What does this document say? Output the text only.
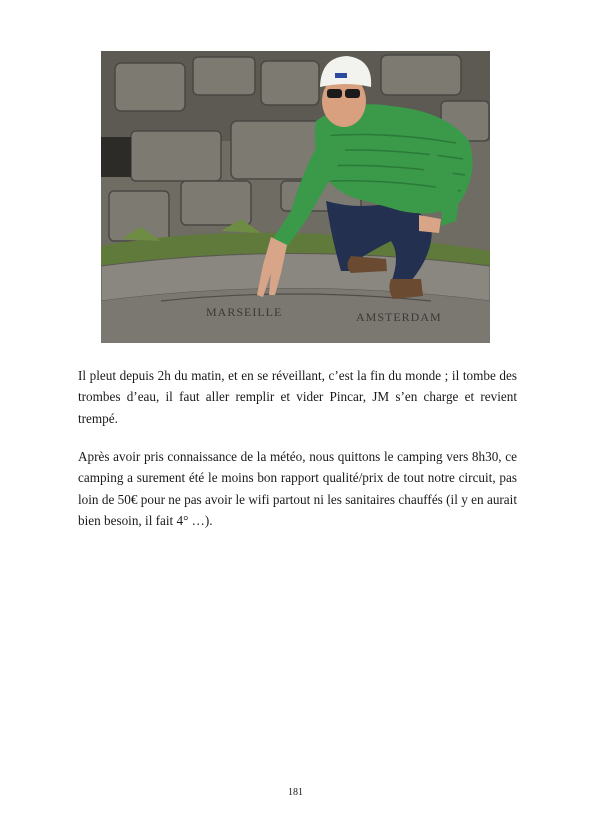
MARSEILLE	AMSTERDAM

Il pleut depuis 2h du matin, et en se réveillant, c’est la fin du monde ; il tombe des trombes d’eau, il faut aller remplir et vider Pincar, JM s’en charge et revient trempé.

Après avoir pris connaissance de la météo, nous quittons le camping vers 8h30, ce camping a surement été le moins bon rapport qualité/prix de tout notre circuit, pas loin de 50€ pour ne pas avoir le wifi partout ni les sanitaires chauffés (il y en aurait bien besoin, il fait 4° …).

181
